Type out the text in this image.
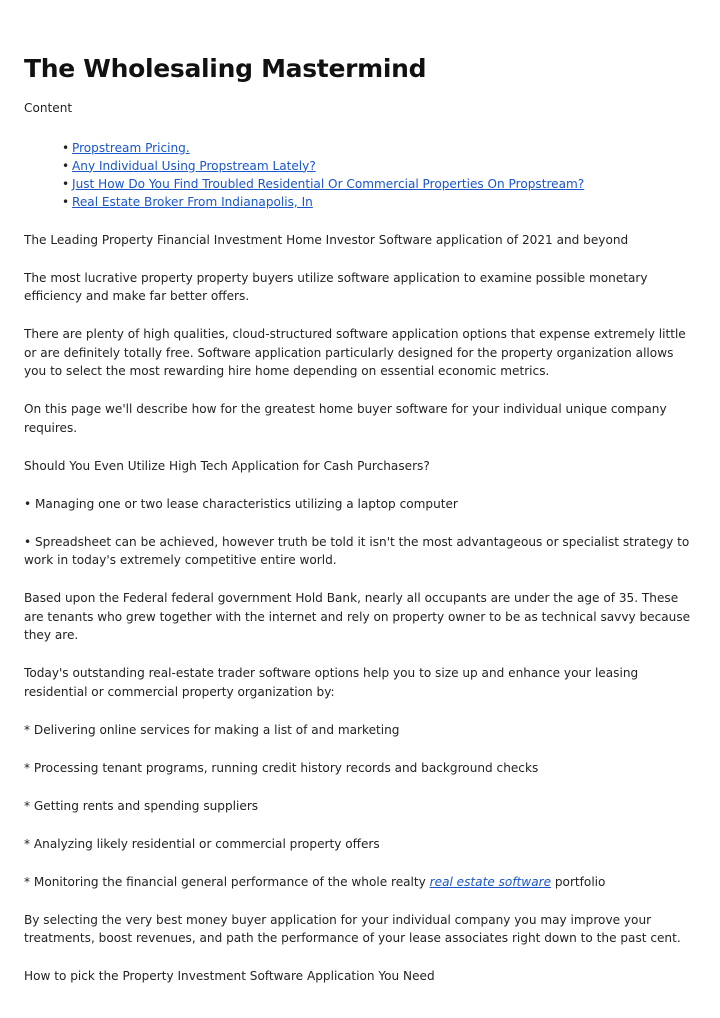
The Wholesaling Mastermind

Content

• Propstream Pricing.
• Any Individual Using Propstream Lately?
• Just How Do You Find Troubled Residential Or Commercial Properties On Propstream?
• Real Estate Broker From Indianapolis, In

The Leading Property Financial Investment Home Investor Software application of 2021 and beyond

The most lucrative property property buyers utilize software application to examine possible monetary efficiency and make far better offers.

There are plenty of high qualities, cloud-structured software application options that expense extremely little or are definitely totally free. Software application particularly designed for the property organization allows you to select the most rewarding hire home depending on essential economic metrics.

On this page we'll describe how for the greatest home buyer software for your individual unique company requires.

Should You Even Utilize High Tech Application for Cash Purchasers?

• Managing one or two lease characteristics utilizing a laptop computer

• Spreadsheet can be achieved, however truth be told it isn't the most advantageous or specialist strategy to work in today's extremely competitive entire world.

Based upon the Federal federal government Hold Bank, nearly all occupants are under the age of 35. These are tenants who grew together with the internet and rely on property owner to be as technical savvy because they are.

Today's outstanding real-estate trader software options help you to size up and enhance your leasing residential or commercial property organization by:

* Delivering online services for making a list of and marketing

* Processing tenant programs, running credit history records and background checks

* Getting rents and spending suppliers

* Analyzing likely residential or commercial property offers

* Monitoring the financial general performance of the whole realty real estate software portfolio

By selecting the very best money buyer application for your individual company you may improve your treatments, boost revenues, and path the performance of your lease associates right down to the past cent.

How to pick the Property Investment Software Application You Need
